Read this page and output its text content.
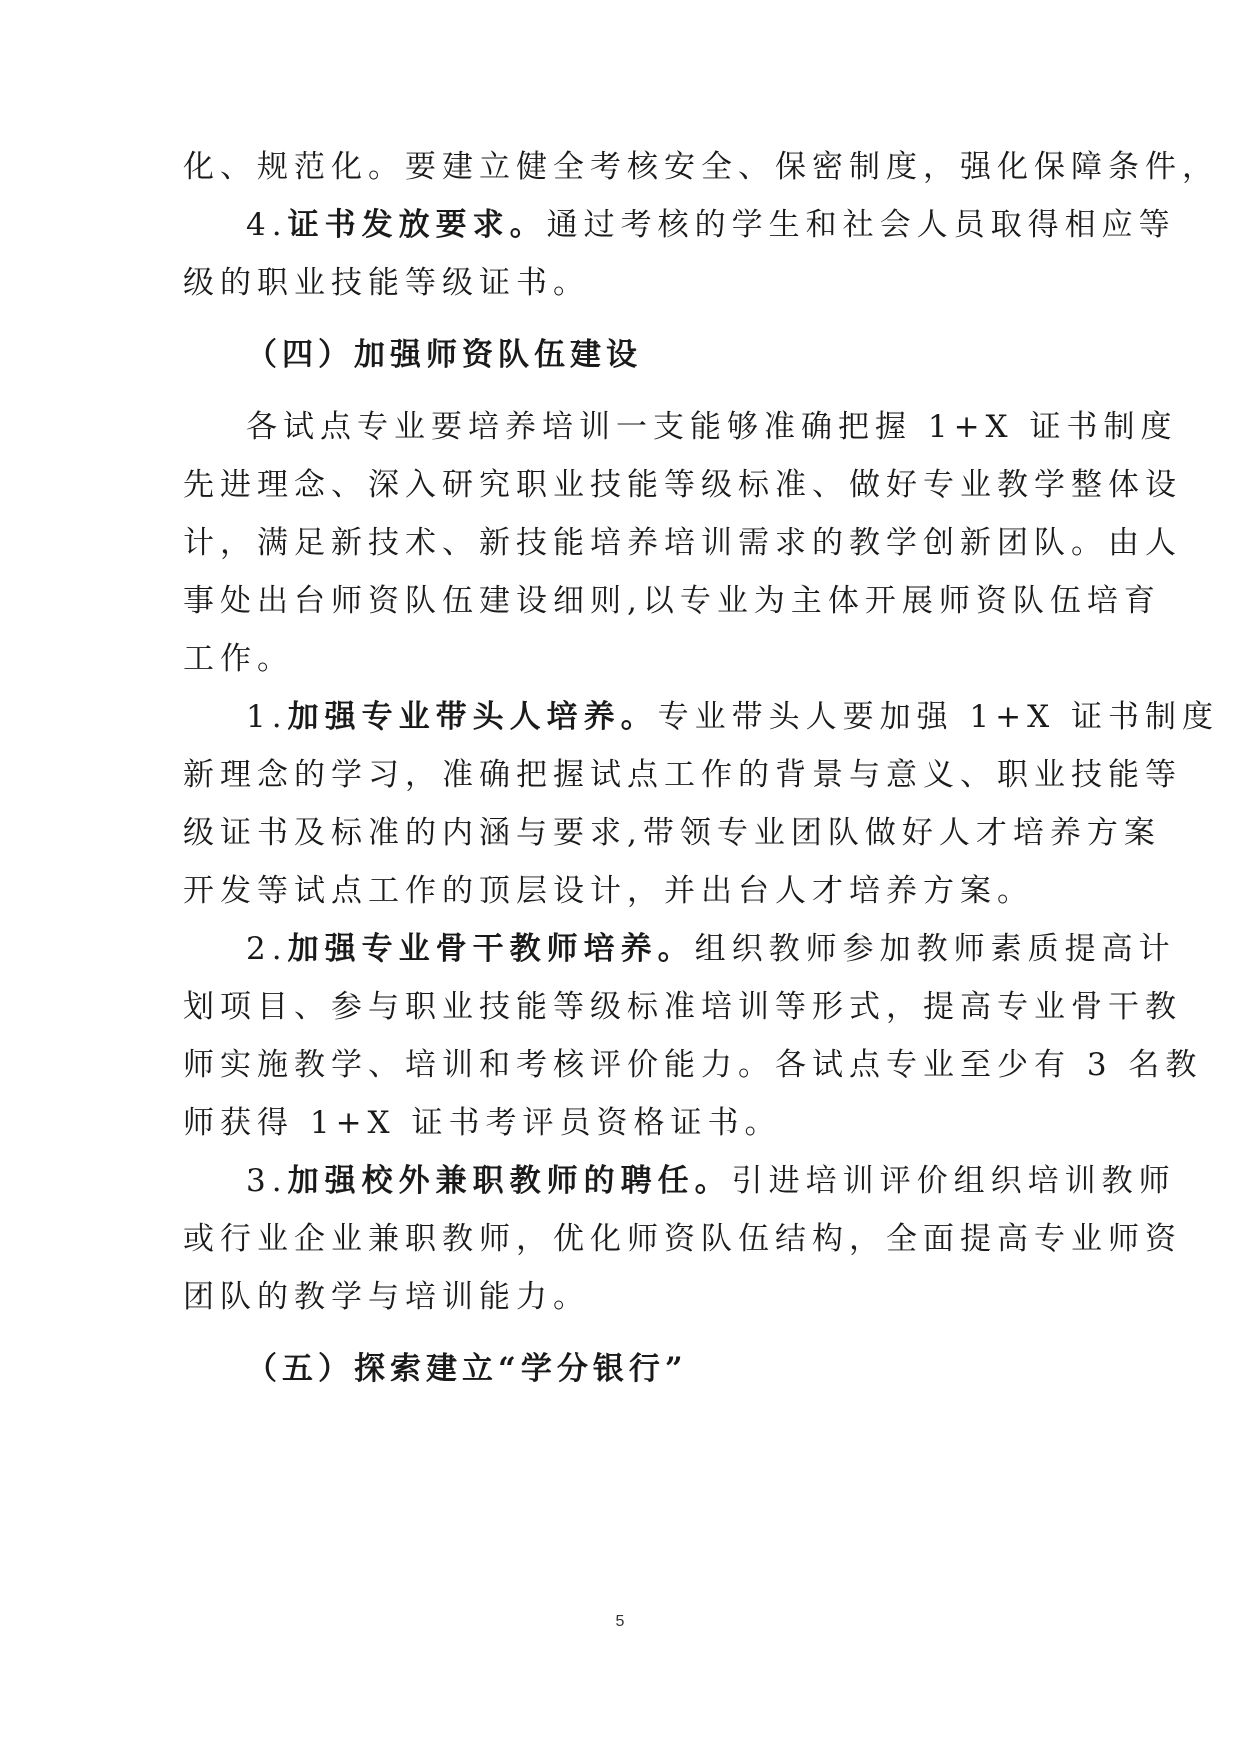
化、规范化。要建立健全考核安全、保密制度，强化保障条件，
4.证书发放要求。通过考核的学生和社会人员取得相应等
级的职业技能等级证书。
（四）加强师资队伍建设
各试点专业要培养培训一支能够准确把握 1+X 证书制度
先进理念、深入研究职业技能等级标准、做好专业教学整体设
计，满足新技术、新技能培养培训需求的教学创新团队。由人
事处出台师资队伍建设细则,以专业为主体开展师资队伍培育
工作。
1.加强专业带头人培养。专业带头人要加强 1+X 证书制度
新理念的学习，准确把握试点工作的背景与意义、职业技能等
级证书及标准的内涵与要求,带领专业团队做好人才培养方案
开发等试点工作的顶层设计，并出台人才培养方案。
2.加强专业骨干教师培养。组织教师参加教师素质提高计
划项目、参与职业技能等级标准培训等形式，提高专业骨干教
师实施教学、培训和考核评价能力。各试点专业至少有 3 名教
师获得 1+X 证书考评员资格证书。
3.加强校外兼职教师的聘任。引进培训评价组织培训教师
或行业企业兼职教师，优化师资队伍结构，全面提高专业师资
团队的教学与培训能力。
（五）探索建立“学分银行”
5
